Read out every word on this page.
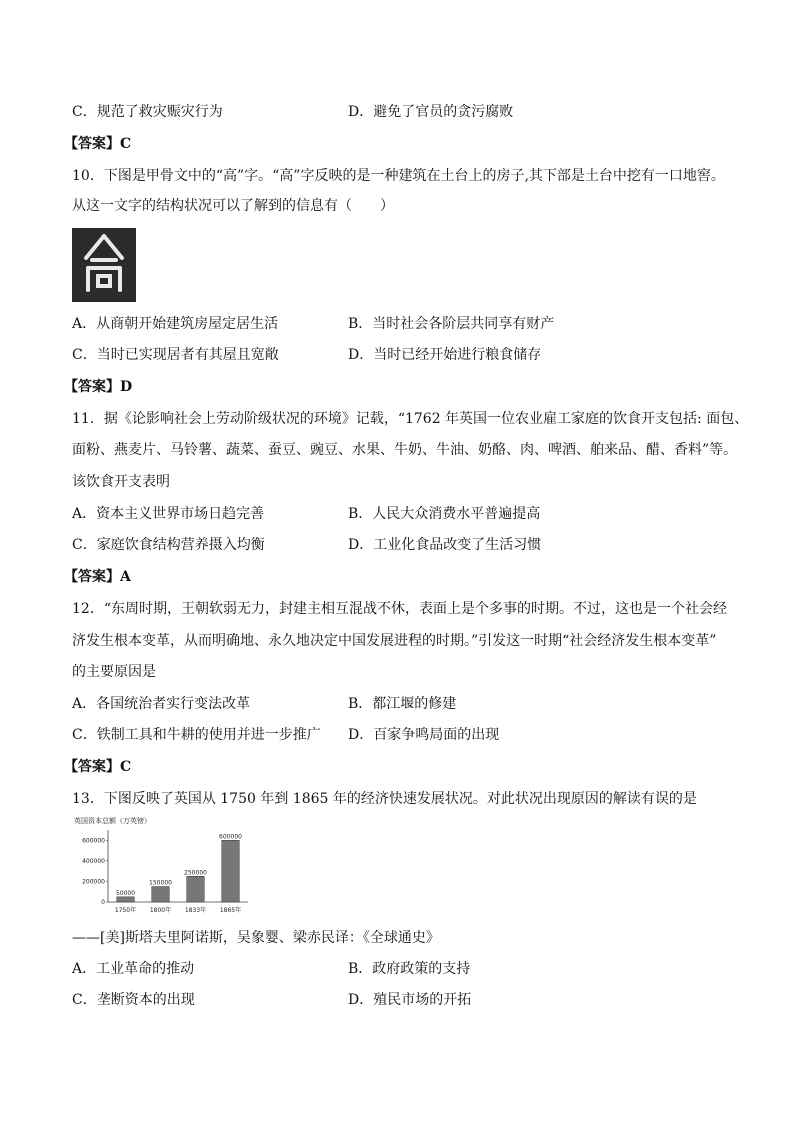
C．规范了救灾赈灾行为	D．避免了官员的贪污腐败
【答案】C
10．下图是甲骨文中的“高”字。“高”字反映的是一种建筑在土台上的房子,其下部是土台中挖有一口地窖。
从这一文字的结构状况可以了解到的信息有（　　）
A．从商朝开始建筑房屋定居生活	B．当时社会各阶层共同享有财产
C．当时已实现居者有其屋且宽敞	D．当时已经开始进行粮食储存
【答案】D
11．据《论影响社会上劳动阶级状况的环境》记载，“1762 年英国一位农业雇工家庭的饮食开支包括: 面包、
面粉、燕麦片、马铃薯、蔬菜、蚕豆、豌豆、水果、牛奶、牛油、奶酪、肉、啤酒、舶来品、醋、香料”等。
该饮食开支表明
A．资本主义世界市场日趋完善	B．人民大众消费水平普遍提高
C．家庭饮食结构营养摄入均衡	D．工业化食品改变了生活习惯
【答案】A
12．“东周时期，王朝软弱无力，封建主相互混战不休，表面上是个多事的时期。不过，这也是一个社会经
济发生根本变革，从而明确地、永久地决定中国发展进程的时期。”引发这一时期“社会经济发生根本变革”
的主要原因是
A．各国统治者实行变法改革	B．都江堰的修建
C．铁制工具和牛耕的使用并进一步推广 D．百家争鸣局面的出现
【答案】C
13．下图反映了英国从 1750 年到 1865 年的经济快速发展状况。对此状况出现原因的解读有误的是
英国资本总额（万英镑）
0
200000
400000
600000
50000
1750年
150000
1800年
250000
1833年
600000
1865年
——[美]斯塔夫里阿诺斯，吴象婴、梁赤民译：《全球通史》
A．工业革命的推动	B．政府政策的支持
C．垄断资本的出现	D．殖民市场的开拓
